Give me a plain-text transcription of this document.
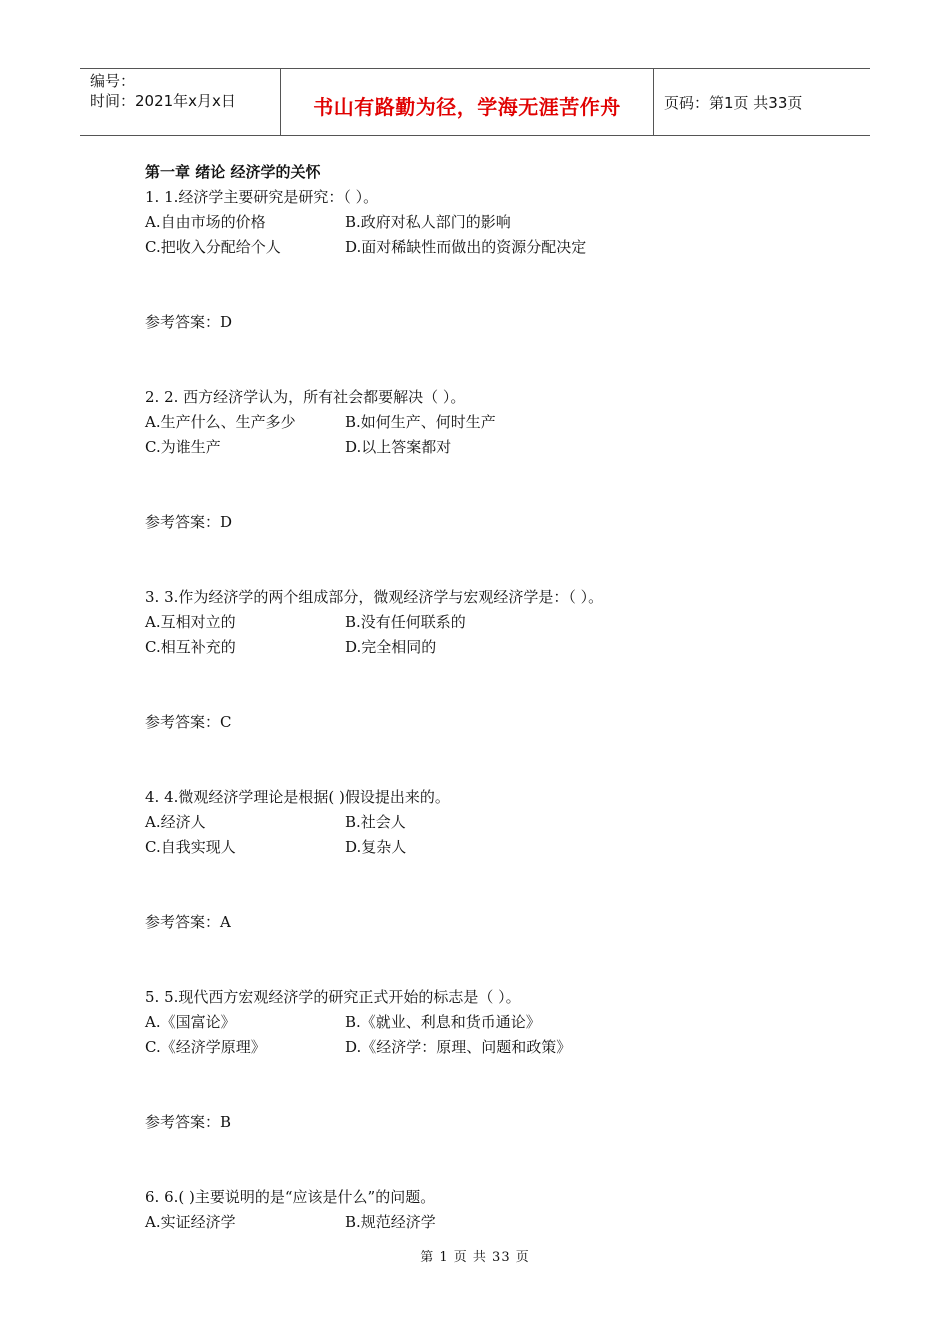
编号：
时间：2021年x月x日	书山有路勤为径，学海无涯苦作舟	页码：第1页 共33页
第一章 绪论 经济学的关怀
1. 1.经济学主要研究是研究：（ ）。
A.自由市场的价格	B.政府对私人部门的影响
C.把收入分配给个人	D.面对稀缺性而做出的资源分配决定
参考答案：D
2. 2. 西方经济学认为，所有社会都要解决（ ）。
A.生产什么、生产多少	B.如何生产、何时生产
C.为谁生产	D.以上答案都对
参考答案：D
3. 3.作为经济学的两个组成部分，微观经济学与宏观经济学是：（ ）。
A.互相对立的	B.没有任何联系的
C.相互补充的	D.完全相同的
参考答案：C
4. 4.微观经济学理论是根据( )假设提出来的。
A.经济人	B.社会人
C.自我实现人	D.复杂人
参考答案：A
5. 5.现代西方宏观经济学的研究正式开始的标志是（ ）。
A.《国富论》	B.《就业、利息和货币通论》
C.《经济学原理》	D.《经济学：原理、问题和政策》
参考答案：B
6. 6.( )主要说明的是“应该是什么”的问题。
A.实证经济学	B.规范经济学
第 1 页 共 33 页
